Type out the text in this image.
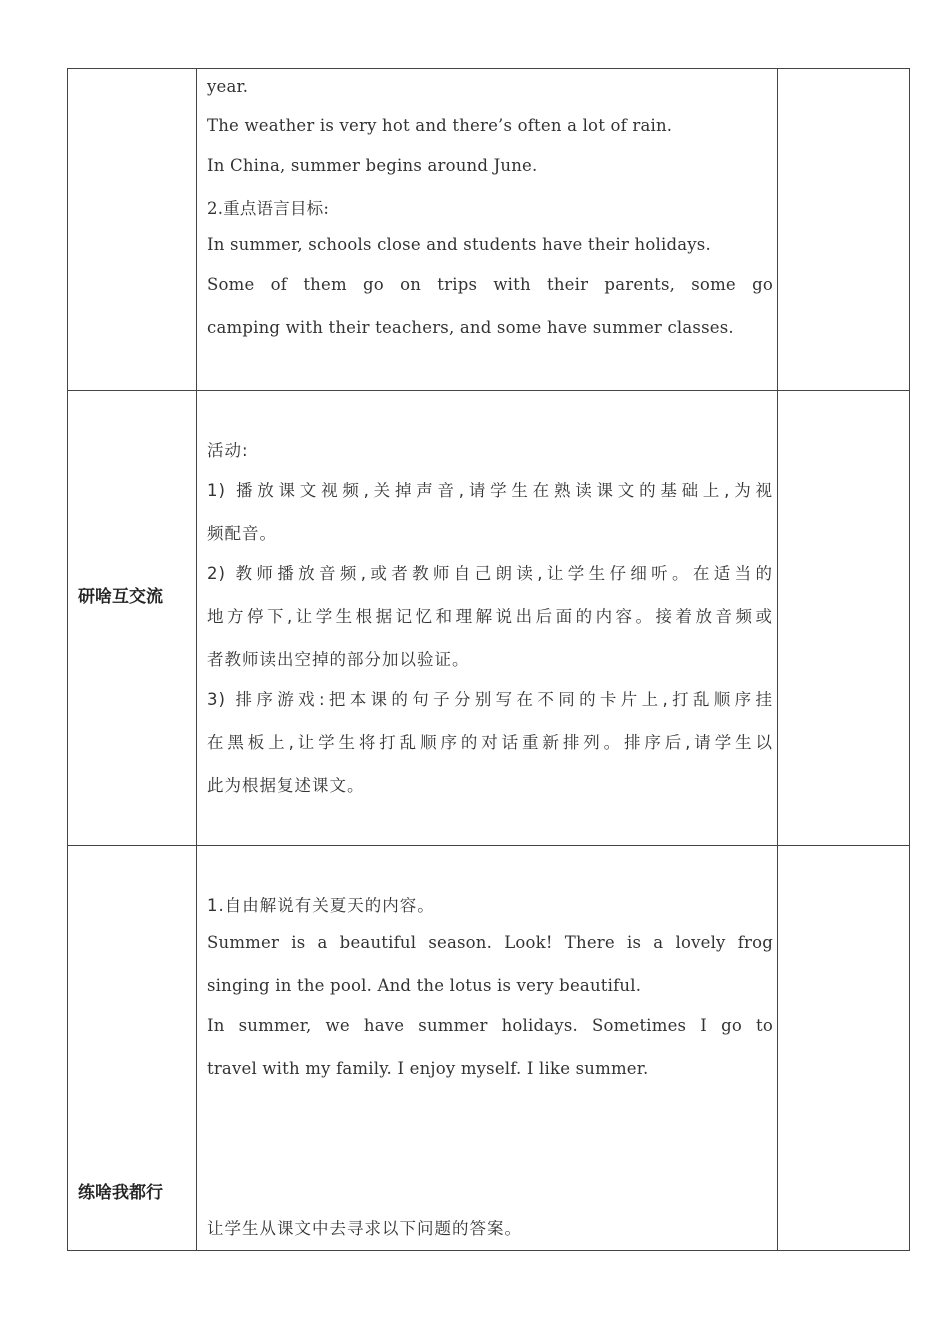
year.
The weather is very hot and there’s often a lot of rain.
In China, summer begins around June.
2.重点语言目标:
In summer, schools close and students have their holidays.
Some of them go on trips with their parents, some go
camping with their teachers, and some have summer classes.
研啥互交流
活动:
1) 播放课文视频,关掉声音,请学生在熟读课文的基础上,为视
频配音。
2) 教师播放音频,或者教师自己朗读,让学生仔细听。在适当的
地方停下,让学生根据记忆和理解说出后面的内容。接着放音频或
者教师读出空掉的部分加以验证。
3) 排序游戏:把本课的句子分别写在不同的卡片上,打乱顺序挂
在黑板上,让学生将打乱顺序的对话重新排列。排序后,请学生以
此为根据复述课文。
练啥我都行
1.自由解说有关夏天的内容。
Summer is a beautiful season. Look! There is a lovely frog
singing in the pool. And the lotus is very beautiful.
In summer, we have summer holidays. Sometimes I go to
travel with my family. I enjoy myself. I like summer.
让学生从课文中去寻求以下问题的答案。
